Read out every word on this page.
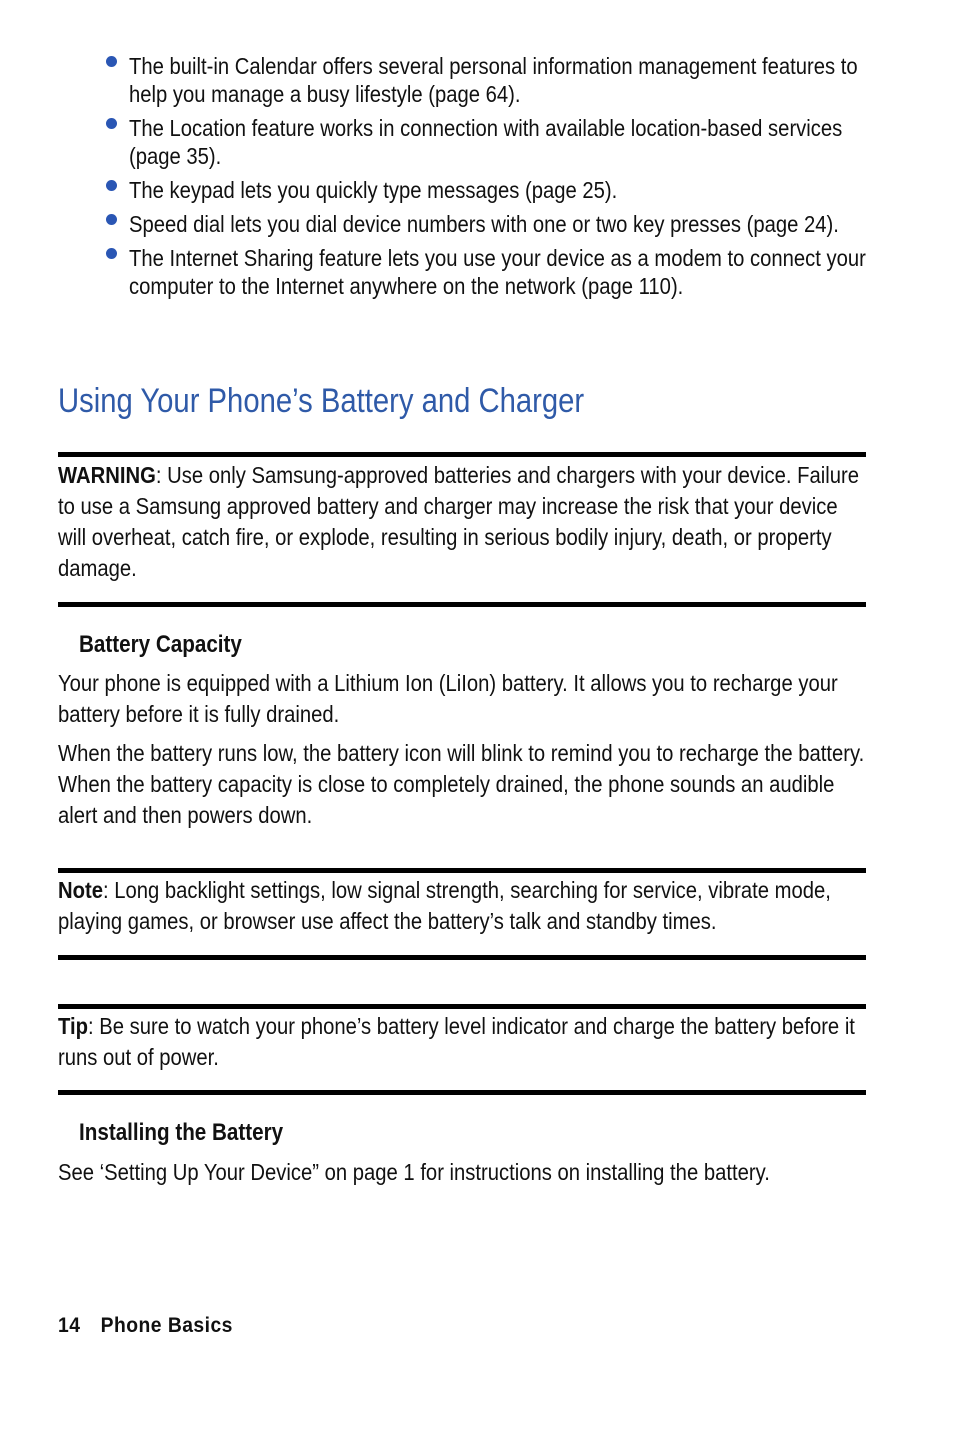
The built-in Calendar offers several personal information management features to help you manage a busy lifestyle (page 64).
The Location feature works in connection with available location-based services (page 35).
The keypad lets you quickly type messages (page 25).
Speed dial lets you dial device numbers with one or two key presses (page 24).
The Internet Sharing feature lets you use your device as a modem to connect your computer to the Internet anywhere on the network (page 110).
Using Your Phone’s Battery and Charger

WARNING: Use only Samsung-approved batteries and chargers with your device. Failure to use a Samsung approved battery and charger may increase the risk that your device will overheat, catch fire, or explode, resulting in serious bodily injury, death, or property damage.

Battery Capacity

Your phone is equipped with a Lithium Ion (LiIon) battery. It allows you to recharge your battery before it is fully drained.

When the battery runs low, the battery icon will blink to remind you to recharge the battery. When the battery capacity is close to completely drained, the phone sounds an audible alert and then powers down.

Note: Long backlight settings, low signal strength, searching for service, vibrate mode, playing games, or browser use affect the battery’s talk and standby times.

Tip: Be sure to watch your phone’s battery level indicator and charge the battery before it runs out of power.

Installing the Battery

See ‘Setting Up Your Device” on page 1 for instructions on installing the battery.

14 Phone Basics
